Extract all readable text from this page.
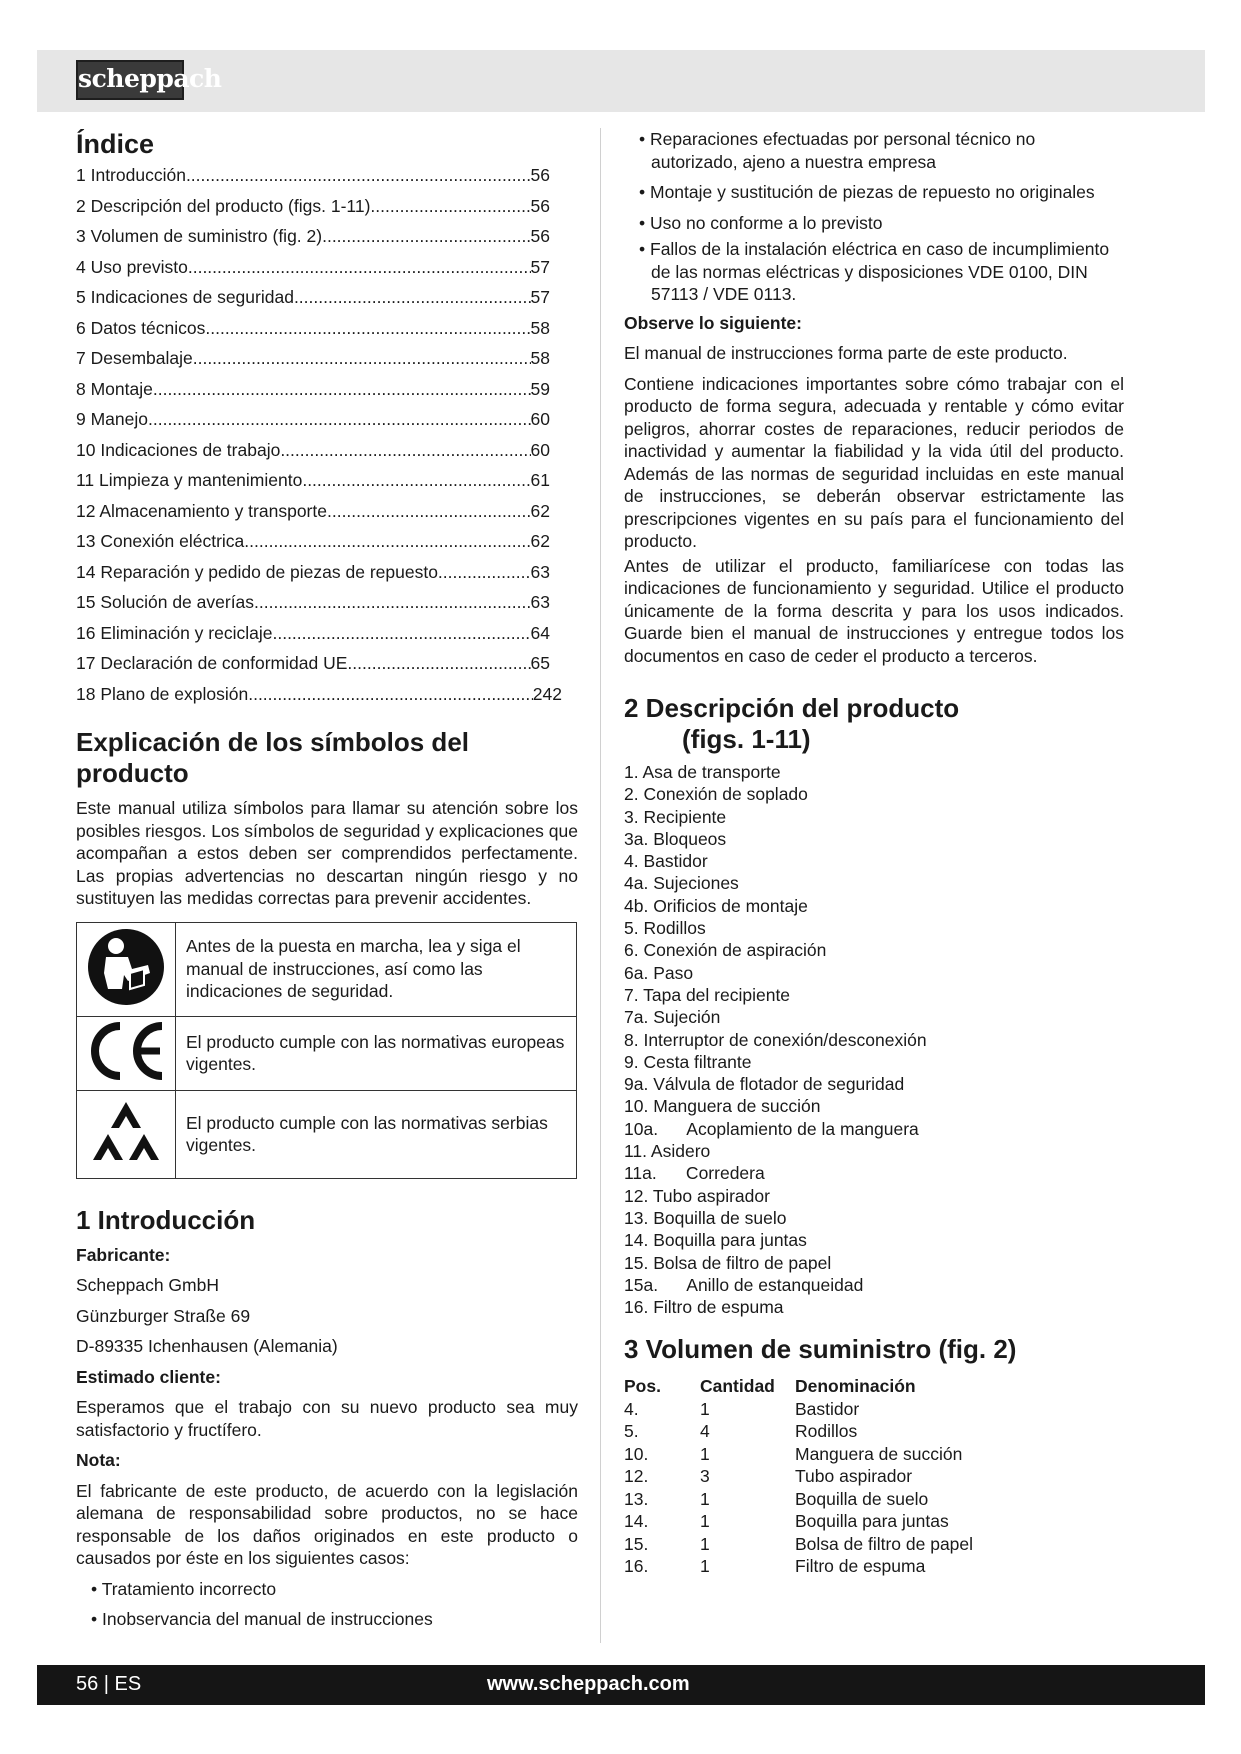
scheppach
Índice
1 Introducción .....	56
2 Descripción del producto (figs. 1-11) .....	56
3 Volumen de suministro (fig. 2) .....	56
4 Uso previsto .....	57
5 Indicaciones de seguridad .....	57
6 Datos técnicos .....	58
7 Desembalaje .....	58
8 Montaje .....	59
9 Manejo .....	60
10 Indicaciones de trabajo .....	60
11 Limpieza y mantenimiento .....	61
12 Almacenamiento y transporte .....	62
13 Conexión eléctrica .....	62
14 Reparación y pedido de piezas de repuesto .....	63
15 Solución de averías .....	63
16 Eliminación y reciclaje .....	64
17 Declaración de conformidad UE .....	65
18 Plano de explosión .....	242
Explicación de los símbolos del producto

Este manual utiliza símbolos para llamar su atención sobre los posibles riesgos. Los símbolos de seguridad y explicaciones que acompañan a estos deben ser comprendidos perfectamente. Las propias advertencias no descartan ningún riesgo y no sustituyen las medidas correctas para prevenir accidentes.

	Antes de la puesta en marcha, lea y siga el manual de instrucciones, así como las indicaciones de seguridad.
	El producto cumple con las normativas europeas vigentes.
	El producto cumple con las normativas serbias vigentes.
1 Introducción

Fabricante:

Scheppach GmbH

Günzburger Straße 69

D-89335 Ichenhausen (Alemania)

Estimado cliente:

Esperamos que el trabajo con su nuevo producto sea muy satisfactorio y fructífero.

Nota:

El fabricante de este producto, de acuerdo con la legislación alemana de responsabilidad sobre productos, no se hace responsable de los daños originados en este producto o causados por éste en los siguientes casos:

• Tratamiento incorrecto
• Inobservancia del manual de instrucciones
• Reparaciones efectuadas por personal técnico no autorizado, ajeno a nuestra empresa
• Montaje y sustitución de piezas de repuesto no originales
• Uso no conforme a lo previsto
• Fallos de la instalación eléctrica en caso de incumplimiento de las normas eléctricas y disposiciones VDE 0100, DIN 57113 / VDE 0113.

Observe lo siguiente:

El manual de instrucciones forma parte de este producto.

Contiene indicaciones importantes sobre cómo trabajar con el producto de forma segura, adecuada y rentable y cómo evitar peligros, ahorrar costes de reparaciones, reducir periodos de inactividad y aumentar la fiabilidad y la vida útil del producto. Además de las normas de seguridad incluidas en este manual de instrucciones, se deberán observar estrictamente las prescripciones vigentes en su país para el funcionamiento del producto.

Antes de utilizar el producto, familiarícese con todas las indicaciones de funcionamiento y seguridad. Utilice el producto únicamente de la forma descrita y para los usos indicados. Guarde bien el manual de instrucciones y entregue todos los documentos en caso de ceder el producto a terceros.

2 Descripción del producto
(figs. 1-11)
1. Asa de transporte
2. Conexión de soplado
3. Recipiente
3a. Bloqueos
4. Bastidor
4a. Sujeciones
4b. Orificios de montaje
5. Rodillos
6. Conexión de aspiración
6a. Paso
7. Tapa del recipiente
7a. Sujeción
8. Interruptor de conexión/desconexión
9. Cesta filtrante
9a. Válvula de flotador de seguridad
10. Manguera de succión
10a.      Acoplamiento de la manguera
11. Asidero
11a.      Corredera
12. Tubo aspirador
13. Boquilla de suelo
14. Boquilla para juntas
15. Bolsa de filtro de papel
15a.      Anillo de estanqueidad
16. Filtro de espuma
3 Volumen de suministro (fig. 2)
Pos.	Cantidad	Denominación
4.	1	Bastidor
5.	4	Rodillos
10.	1	Manguera de succión
12.	3	Tubo aspirador
13.	1	Boquilla de suelo
14.	1	Boquilla para juntas
15.	1	Bolsa de filtro de papel
16.	1	Filtro de espuma
56 | ES	www.scheppach.com
